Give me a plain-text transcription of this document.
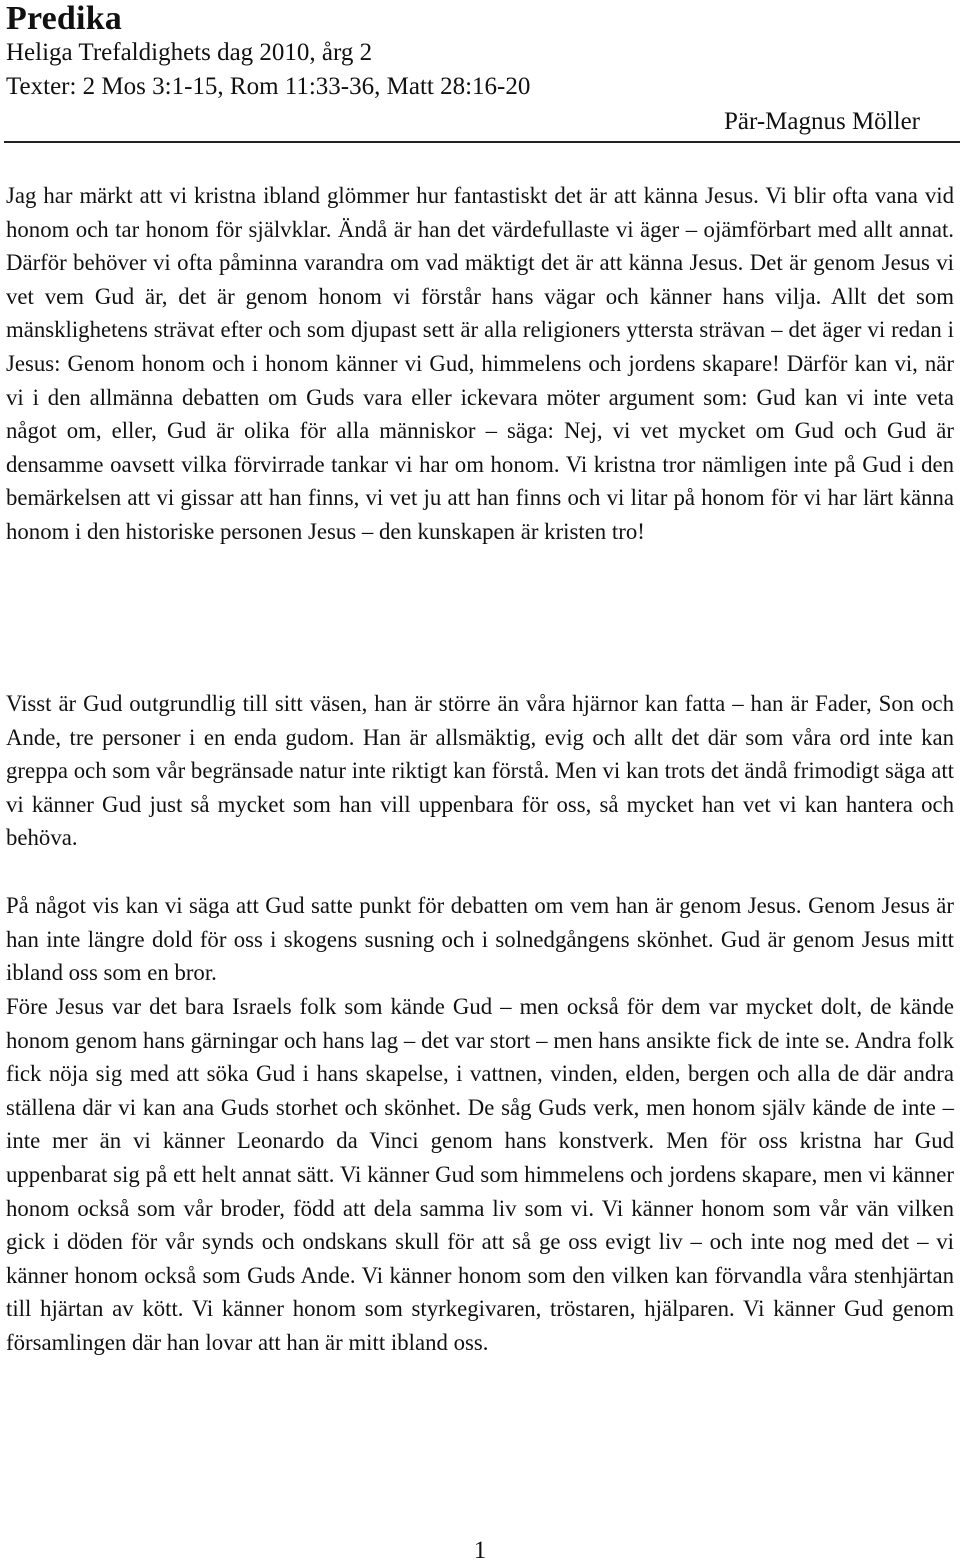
Predika
Heliga Trefaldighets dag 2010, årg 2
Texter: 2 Mos 3:1-15, Rom 11:33-36, Matt 28:16-20
Pär-Magnus Möller

Jag har märkt att vi kristna ibland glömmer hur fantastiskt det är att känna Jesus. Vi blir ofta vana vid honom och tar honom för självklar. Ändå är han det värdefullaste vi äger – ojämförbart med allt annat. Därför behöver vi ofta påminna varandra om vad mäktigt det är att känna Jesus. Det är genom Jesus vi vet vem Gud är, det är genom honom vi förstår hans vägar och känner hans vilja. Allt det som mänsklighetens strävat efter och som djupast sett är alla religioners yttersta strävan – det äger vi redan i Jesus: Genom honom och i honom känner vi Gud, himmelens och jordens skapare! Därför kan vi, när vi i den allmänna debatten om Guds vara eller ickevara möter argument som: Gud kan vi inte veta något om, eller, Gud är olika för alla människor – säga: Nej, vi vet mycket om Gud och Gud är densamme oavsett vilka förvirrade tankar vi har om honom. Vi kristna tror nämligen inte på Gud i den bemärkelsen att vi gissar att han finns, vi vet ju att han finns och vi litar på honom för vi har lärt känna honom i den historiske personen Jesus – den kunskapen är kristen tro!

Visst är Gud outgrundlig till sitt väsen, han är större än våra hjärnor kan fatta – han är Fader, Son och Ande, tre personer i en enda gudom. Han är allsmäktig, evig och allt det där som våra ord inte kan greppa och som vår begränsade natur inte riktigt kan förstå. Men vi kan trots det ändå frimodigt säga att vi känner Gud just så mycket som han vill uppenbara för oss, så mycket han vet vi kan hantera och behöva.

På något vis kan vi säga att Gud satte punkt för debatten om vem han är genom Jesus. Genom Jesus är han inte längre dold för oss i skogens susning och i solnedgångens skönhet. Gud är genom Jesus mitt ibland oss som en bror.

Före Jesus var det bara Israels folk som kände Gud – men också för dem var mycket dolt, de kände honom genom hans gärningar och hans lag – det var stort – men hans ansikte fick de inte se. Andra folk fick nöja sig med att söka Gud i hans skapelse, i vattnen, vinden, elden, bergen och alla de där andra ställena där vi kan ana Guds storhet och skönhet. De såg Guds verk, men honom själv kände de inte – inte mer än vi känner Leonardo da Vinci genom hans konstverk. Men för oss kristna har Gud uppenbarat sig på ett helt annat sätt. Vi känner Gud som himmelens och jordens skapare, men vi känner honom också som vår broder, född att dela samma liv som vi. Vi känner honom som vår vän vilken gick i döden för vår synds och ondskans skull för att så ge oss evigt liv – och inte nog med det – vi känner honom också som Guds Ande. Vi känner honom som den vilken kan förvandla våra stenhjärtan till hjärtan av kött. Vi känner honom som styrkegivaren, tröstaren, hjälparen. Vi känner Gud genom församlingen där han lovar att han är mitt ibland oss.

1
